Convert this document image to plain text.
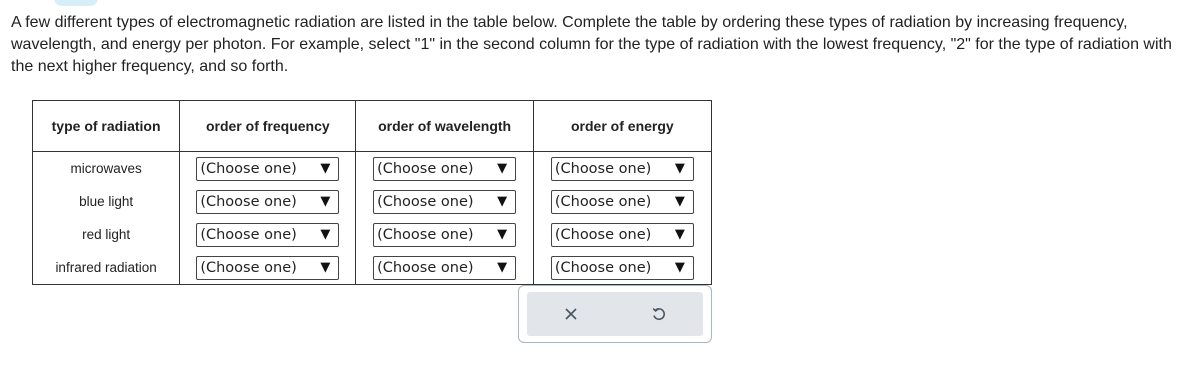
A few different types of electromagnetic radiation are listed in the table below. Complete the table by ordering these types of radiation by increasing frequency, wavelength, and energy per photon. For example, select "1" in the second column for the type of radiation with the lowest frequency, "2" for the type of radiation with the next higher frequency, and so forth.
type of radiation	order of frequency	order of wavelength	order of energy
microwaves	(Choose one) ▼	(Choose one) ▼	(Choose one) ▼

blue light	(Choose one) ▼	(Choose one) ▼	(Choose one) ▼

red light	(Choose one) ▼	(Choose one) ▼	(Choose one) ▼

infrared radiation	(Choose one) ▼	(Choose one) ▼	(Choose one) ▼
